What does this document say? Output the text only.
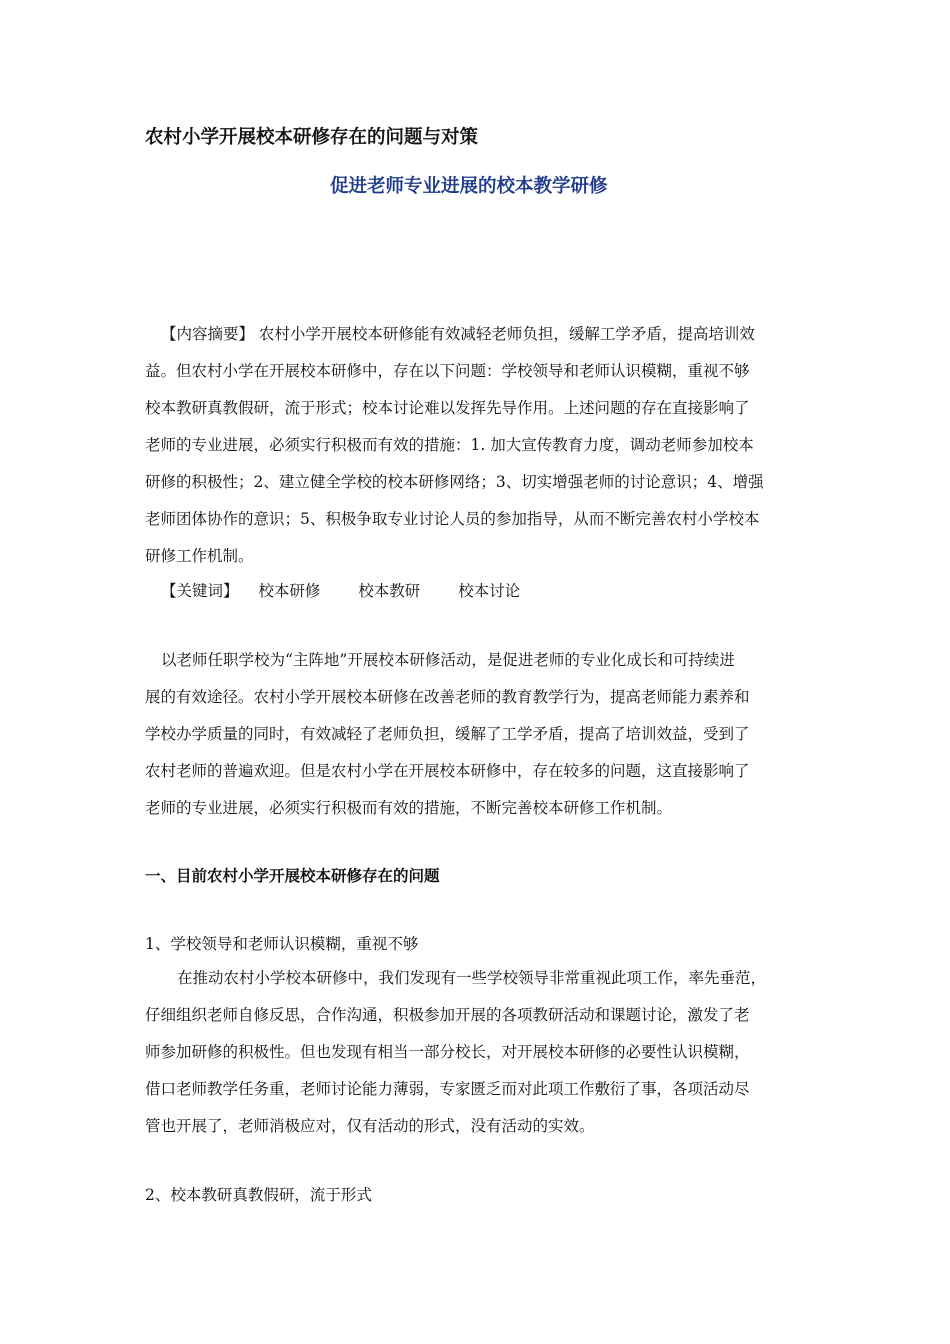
农村小学开展校本研修存在的问题与对策
促进老师专业进展的校本教学研修
【内容摘要】 农村小学开展校本研修能有效减轻老师负担，缓解工学矛盾，提高培训效
益。但农村小学在开展校本研修中，存在以下问题：学校领导和老师认识模糊，重视不够
校本教研真教假研，流于形式；校本讨论难以发挥先导作用。上述问题的存在直接影响了
老师的专业进展，必须实行积极而有效的措施：1. 加大宣传教育力度，调动老师参加校本
研修的积极性；2、建立健全学校的校本研修网络；3、切实增强老师的讨论意识；4、增强
老师团体协作的意识；5、积极争取专业讨论人员的参加指导，从而不断完善农村小学校本
研修工作机制。
【关键词】 校本研修 校本教研 校本讨论
以老师任职学校为“主阵地”开展校本研修活动，是促进老师的专业化成长和可持续进
展的有效途径。农村小学开展校本研修在改善老师的教育教学行为，提高老师能力素养和
学校办学质量的同时，有效减轻了老师负担，缓解了工学矛盾，提高了培训效益，受到了
农村老师的普遍欢迎。但是农村小学在开展校本研修中，存在较多的问题，这直接影响了
老师的专业进展，必须实行积极而有效的措施，不断完善校本研修工作机制。
一、目前农村小学开展校本研修存在的问题
1、学校领导和老师认识模糊，重视不够
在推动农村小学校本研修中，我们发现有一些学校领导非常重视此项工作，率先垂范，
仔细组织老师自修反思，合作沟通，积极参加开展的各项教研活动和课题讨论，激发了老
师参加研修的积极性。但也发现有相当一部分校长，对开展校本研修的必要性认识模糊，
借口老师教学任务重，老师讨论能力薄弱，专家匮乏而对此项工作敷衍了事，各项活动尽
管也开展了，老师消极应对，仅有活动的形式，没有活动的实效。
2、校本教研真教假研，流于形式
